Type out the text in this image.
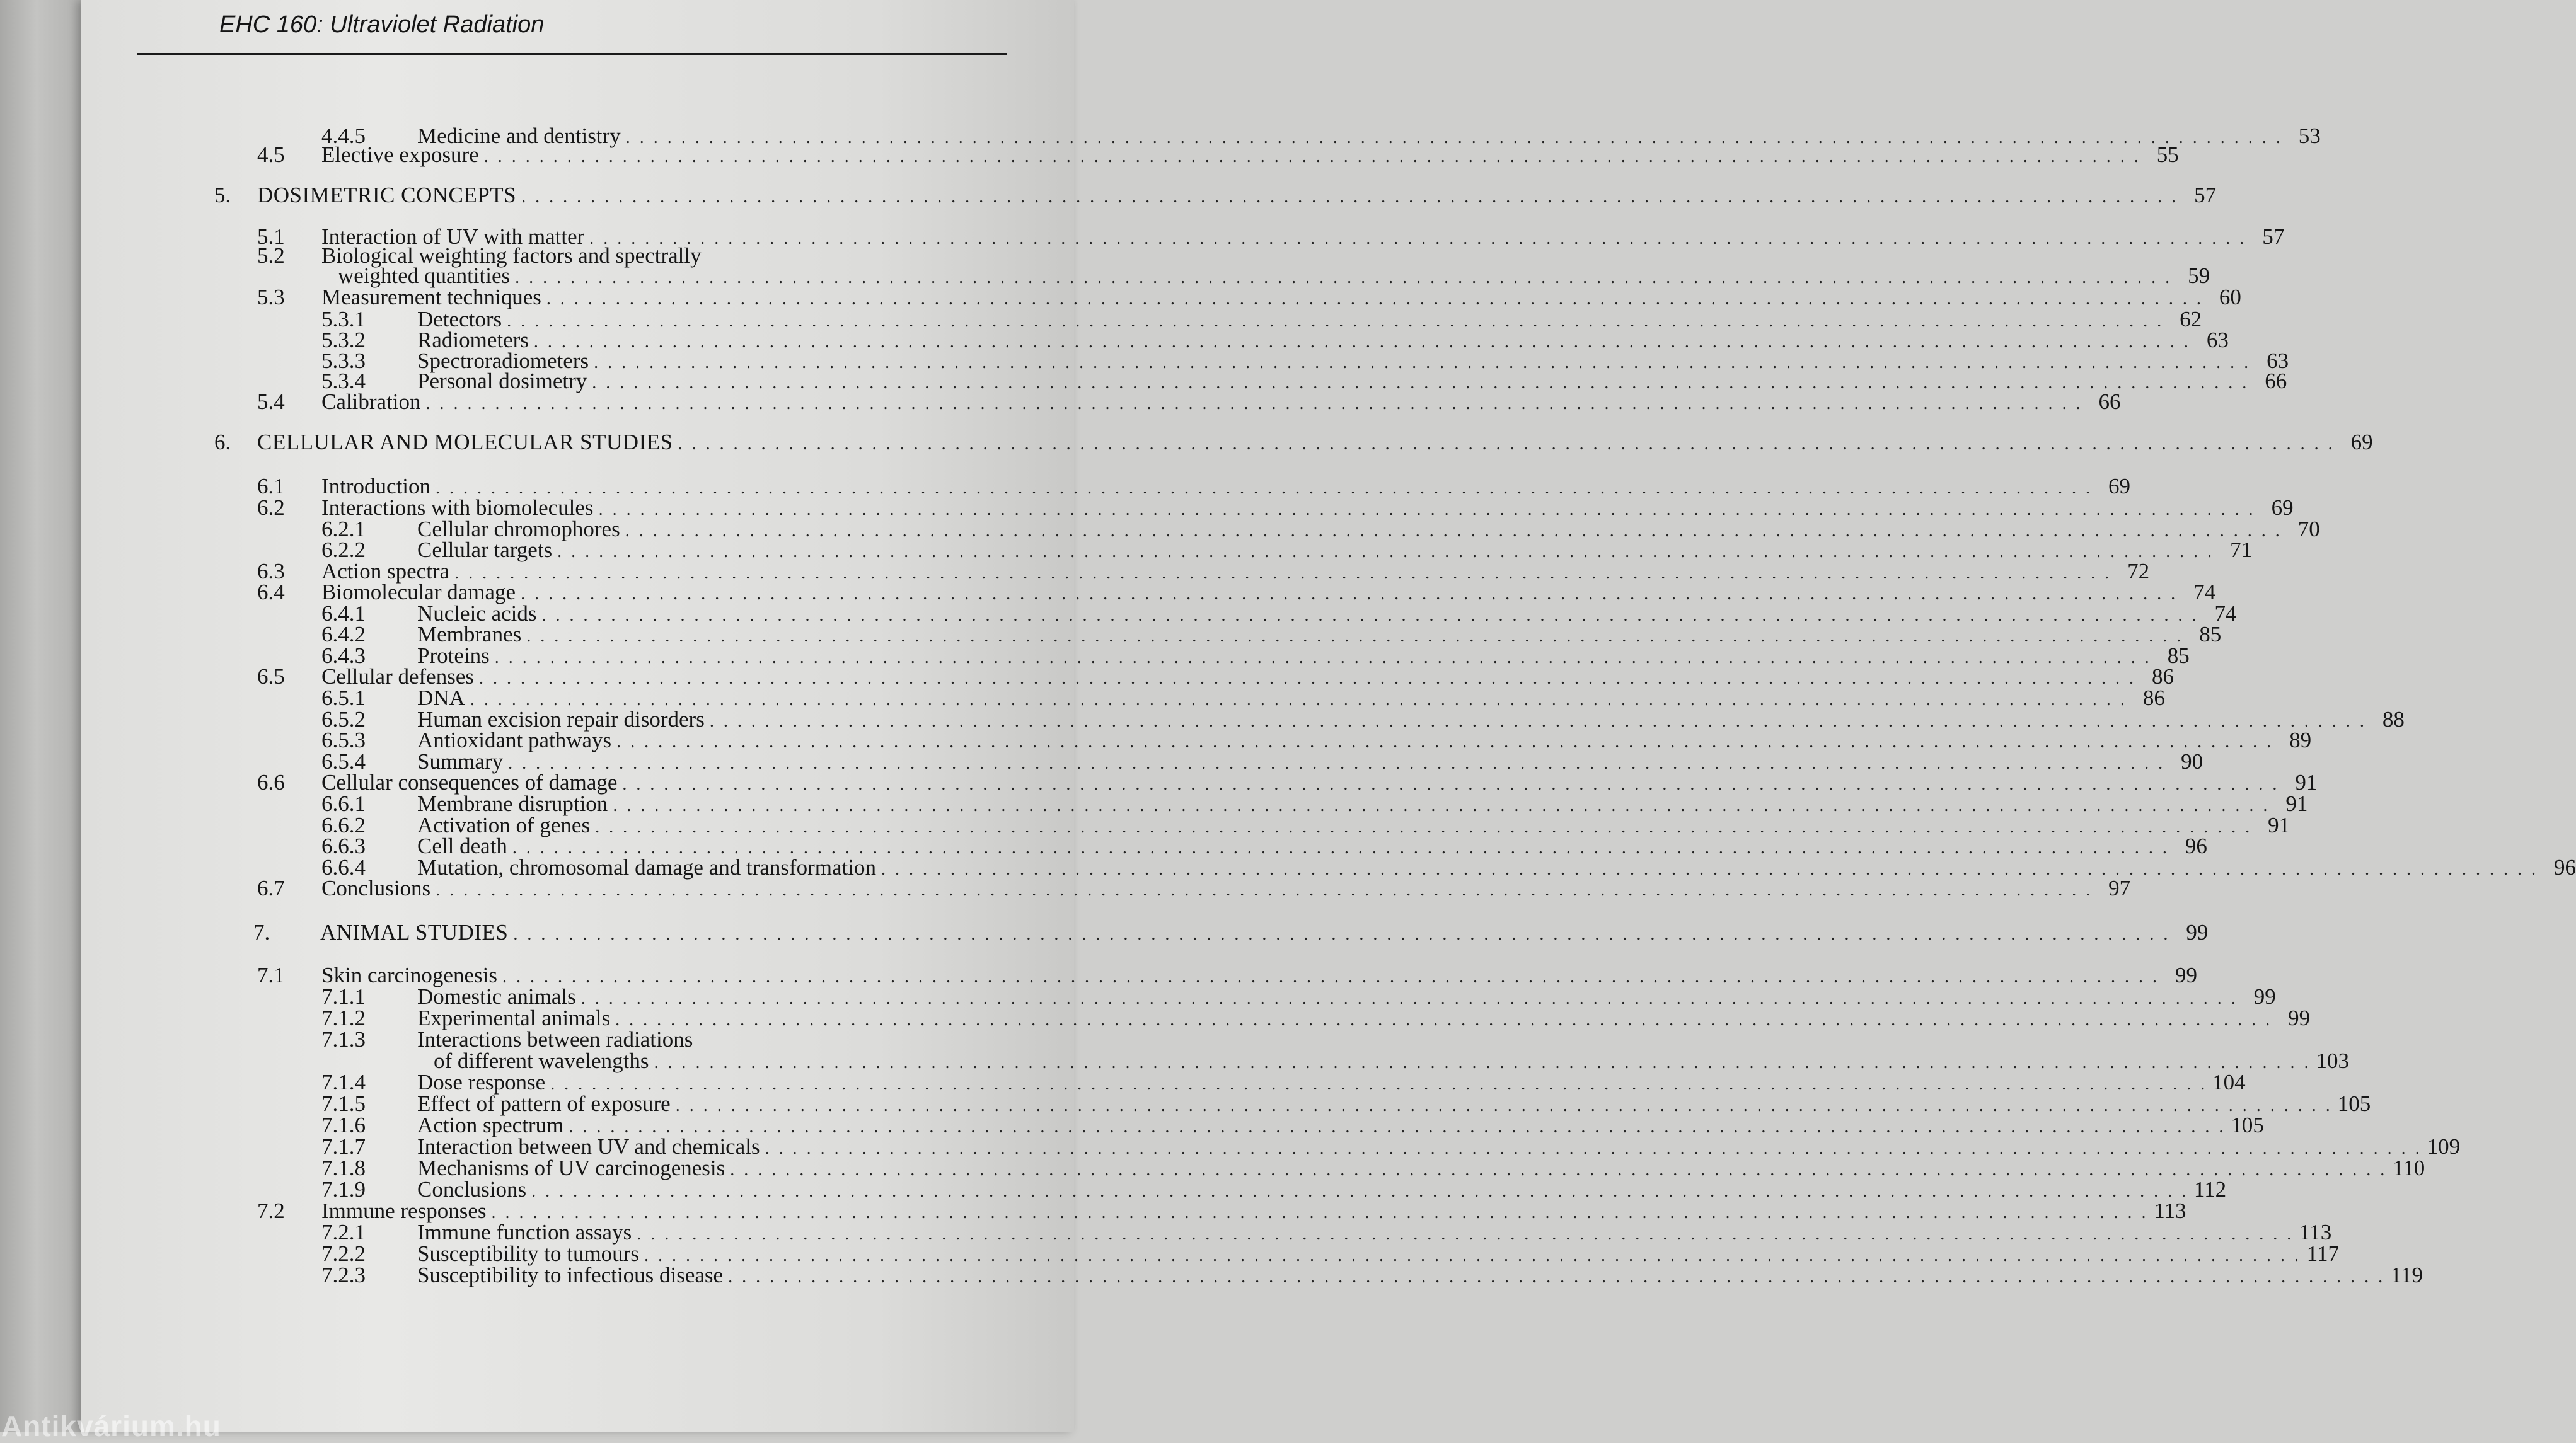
EHC 160: Ultraviolet Radiation
4.4.5	Medicine and dentistry . . . . . . . . . . . . . . . . . . . . . . . . . . . . . . . . . . . . . . . . . . . . . . . . . . . . . . . . . . . . . . . . . . . . . . . . . . . . . . . . . . . . . . . . . . . . . . . . . . . . . . . . . . . . . . . . . . . . . . . . 53
4.5	Elective exposure . . . . . . . . . . . . . . . . . . . . . . . . . . . . . . . . . . . . . . . . . . . . . . . . . . . . . . . . . . . . . . . . . . . . . . . . . . . . . . . . . . . . . . . . . . . . . . . . . . . . . . . . . . . . . . . . . . . . . . . . 55
5.	DOSIMETRIC CONCEPTS . . . . . . . . . . . . . . . . . . . . . . . . . . . . . . . . . . . . . . . . . . . . . . . . . . . . . . . . . . . . . . . . . . . . . . . . . . . . . . . . . . . . . . . . . . . . . . . . . . . . . . . . . . . . . . . . . . . . . . . . 57
5.1	Interaction of UV with matter . . . . . . . . . . . . . . . . . . . . . . . . . . . . . . . . . . . . . . . . . . . . . . . . . . . . . . . . . . . . . . . . . . . . . . . . . . . . . . . . . . . . . . . . . . . . . . . . . . . . . . . . . . . . . . . . . . . . . . . . 57
5.2	Biological weighting factors and spectrally
weighted quantities . . . . . . . . . . . . . . . . . . . . . . . . . . . . . . . . . . . . . . . . . . . . . . . . . . . . . . . . . . . . . . . . . . . . . . . . . . . . . . . . . . . . . . . . . . . . . . . . . . . . . . . . . . . . . . . . . . . . . . . . 59
5.3	Measurement techniques . . . . . . . . . . . . . . . . . . . . . . . . . . . . . . . . . . . . . . . . . . . . . . . . . . . . . . . . . . . . . . . . . . . . . . . . . . . . . . . . . . . . . . . . . . . . . . . . . . . . . . . . . . . . . . . . . . . . . . . . 60
5.3.1	Detectors . . . . . . . . . . . . . . . . . . . . . . . . . . . . . . . . . . . . . . . . . . . . . . . . . . . . . . . . . . . . . . . . . . . . . . . . . . . . . . . . . . . . . . . . . . . . . . . . . . . . . . . . . . . . . . . . . . . . . . . . 62
5.3.2	Radiometers . . . . . . . . . . . . . . . . . . . . . . . . . . . . . . . . . . . . . . . . . . . . . . . . . . . . . . . . . . . . . . . . . . . . . . . . . . . . . . . . . . . . . . . . . . . . . . . . . . . . . . . . . . . . . . . . . . . . . . . . 63
5.3.3	Spectroradiometers . . . . . . . . . . . . . . . . . . . . . . . . . . . . . . . . . . . . . . . . . . . . . . . . . . . . . . . . . . . . . . . . . . . . . . . . . . . . . . . . . . . . . . . . . . . . . . . . . . . . . . . . . . . . . . . . . . . . . . . . 63
5.3.4	Personal dosimetry . . . . . . . . . . . . . . . . . . . . . . . . . . . . . . . . . . . . . . . . . . . . . . . . . . . . . . . . . . . . . . . . . . . . . . . . . . . . . . . . . . . . . . . . . . . . . . . . . . . . . . . . . . . . . . . . . . . . . . . . 66
5.4	Calibration . . . . . . . . . . . . . . . . . . . . . . . . . . . . . . . . . . . . . . . . . . . . . . . . . . . . . . . . . . . . . . . . . . . . . . . . . . . . . . . . . . . . . . . . . . . . . . . . . . . . . . . . . . . . . . . . . . . . . . . . 66
6.	CELLULAR AND MOLECULAR STUDIES . . . . . . . . . . . . . . . . . . . . . . . . . . . . . . . . . . . . . . . . . . . . . . . . . . . . . . . . . . . . . . . . . . . . . . . . . . . . . . . . . . . . . . . . . . . . . . . . . . . . . . . . . . . . . . . . . . . . . . . . 69
6.1	Introduction . . . . . . . . . . . . . . . . . . . . . . . . . . . . . . . . . . . . . . . . . . . . . . . . . . . . . . . . . . . . . . . . . . . . . . . . . . . . . . . . . . . . . . . . . . . . . . . . . . . . . . . . . . . . . . . . . . . . . . . . 69
6.2	Interactions with biomolecules . . . . . . . . . . . . . . . . . . . . . . . . . . . . . . . . . . . . . . . . . . . . . . . . . . . . . . . . . . . . . . . . . . . . . . . . . . . . . . . . . . . . . . . . . . . . . . . . . . . . . . . . . . . . . . . . . . . . . . . . 69
6.2.1	Cellular chromophores . . . . . . . . . . . . . . . . . . . . . . . . . . . . . . . . . . . . . . . . . . . . . . . . . . . . . . . . . . . . . . . . . . . . . . . . . . . . . . . . . . . . . . . . . . . . . . . . . . . . . . . . . . . . . . . . . . . . . . . . 70
6.2.2	Cellular targets . . . . . . . . . . . . . . . . . . . . . . . . . . . . . . . . . . . . . . . . . . . . . . . . . . . . . . . . . . . . . . . . . . . . . . . . . . . . . . . . . . . . . . . . . . . . . . . . . . . . . . . . . . . . . . . . . . . . . . . . 71
6.3	Action spectra . . . . . . . . . . . . . . . . . . . . . . . . . . . . . . . . . . . . . . . . . . . . . . . . . . . . . . . . . . . . . . . . . . . . . . . . . . . . . . . . . . . . . . . . . . . . . . . . . . . . . . . . . . . . . . . . . . . . . . . . 72
6.4	Biomolecular damage . . . . . . . . . . . . . . . . . . . . . . . . . . . . . . . . . . . . . . . . . . . . . . . . . . . . . . . . . . . . . . . . . . . . . . . . . . . . . . . . . . . . . . . . . . . . . . . . . . . . . . . . . . . . . . . . . . . . . . . . 74
6.4.1	Nucleic acids . . . . . . . . . . . . . . . . . . . . . . . . . . . . . . . . . . . . . . . . . . . . . . . . . . . . . . . . . . . . . . . . . . . . . . . . . . . . . . . . . . . . . . . . . . . . . . . . . . . . . . . . . . . . . . . . . . . . . . . . 74
6.4.2	Membranes . . . . . . . . . . . . . . . . . . . . . . . . . . . . . . . . . . . . . . . . . . . . . . . . . . . . . . . . . . . . . . . . . . . . . . . . . . . . . . . . . . . . . . . . . . . . . . . . . . . . . . . . . . . . . . . . . . . . . . . . 85
6.4.3	Proteins . . . . . . . . . . . . . . . . . . . . . . . . . . . . . . . . . . . . . . . . . . . . . . . . . . . . . . . . . . . . . . . . . . . . . . . . . . . . . . . . . . . . . . . . . . . . . . . . . . . . . . . . . . . . . . . . . . . . . . . . 85
6.5	Cellular defenses . . . . . . . . . . . . . . . . . . . . . . . . . . . . . . . . . . . . . . . . . . . . . . . . . . . . . . . . . . . . . . . . . . . . . . . . . . . . . . . . . . . . . . . . . . . . . . . . . . . . . . . . . . . . . . . . . . . . . . . . 86
6.5.1	DNA . . . . . . . . . . . . . . . . . . . . . . . . . . . . . . . . . . . . . . . . . . . . . . . . . . . . . . . . . . . . . . . . . . . . . . . . . . . . . . . . . . . . . . . . . . . . . . . . . . . . . . . . . . . . . . . . . . . . . . . . 86
6.5.2	Human excision repair disorders . . . . . . . . . . . . . . . . . . . . . . . . . . . . . . . . . . . . . . . . . . . . . . . . . . . . . . . . . . . . . . . . . . . . . . . . . . . . . . . . . . . . . . . . . . . . . . . . . . . . . . . . . . . . . . . . . . . . . . . . 88
6.5.3	Antioxidant pathways . . . . . . . . . . . . . . . . . . . . . . . . . . . . . . . . . . . . . . . . . . . . . . . . . . . . . . . . . . . . . . . . . . . . . . . . . . . . . . . . . . . . . . . . . . . . . . . . . . . . . . . . . . . . . . . . . . . . . . . . 89
6.5.4	Summary . . . . . . . . . . . . . . . . . . . . . . . . . . . . . . . . . . . . . . . . . . . . . . . . . . . . . . . . . . . . . . . . . . . . . . . . . . . . . . . . . . . . . . . . . . . . . . . . . . . . . . . . . . . . . . . . . . . . . . . . 90
6.6	Cellular consequences of damage . . . . . . . . . . . . . . . . . . . . . . . . . . . . . . . . . . . . . . . . . . . . . . . . . . . . . . . . . . . . . . . . . . . . . . . . . . . . . . . . . . . . . . . . . . . . . . . . . . . . . . . . . . . . . . . . . . . . . . . . 91
6.6.1	Membrane disruption . . . . . . . . . . . . . . . . . . . . . . . . . . . . . . . . . . . . . . . . . . . . . . . . . . . . . . . . . . . . . . . . . . . . . . . . . . . . . . . . . . . . . . . . . . . . . . . . . . . . . . . . . . . . . . . . . . . . . . . . 91
6.6.2	Activation of genes . . . . . . . . . . . . . . . . . . . . . . . . . . . . . . . . . . . . . . . . . . . . . . . . . . . . . . . . . . . . . . . . . . . . . . . . . . . . . . . . . . . . . . . . . . . . . . . . . . . . . . . . . . . . . . . . . . . . . . . . 91
6.6.3	Cell death . . . . . . . . . . . . . . . . . . . . . . . . . . . . . . . . . . . . . . . . . . . . . . . . . . . . . . . . . . . . . . . . . . . . . . . . . . . . . . . . . . . . . . . . . . . . . . . . . . . . . . . . . . . . . . . . . . . . . . . . 96
6.6.4	Mutation, chromosomal damage and transformation . . . . . . . . . . . . . . . . . . . . . . . . . . . . . . . . . . . . . . . . . . . . . . . . . . . . . . . . . . . . . . . . . . . . . . . . . . . . . . . . . . . . . . . . . . . . . . . . . . . . . . . . . . . . . . . . . . . . . . . . 96
6.7	Conclusions . . . . . . . . . . . . . . . . . . . . . . . . . . . . . . . . . . . . . . . . . . . . . . . . . . . . . . . . . . . . . . . . . . . . . . . . . . . . . . . . . . . . . . . . . . . . . . . . . . . . . . . . . . . . . . . . . . . . . . . . 97
7.	ANIMAL STUDIES . . . . . . . . . . . . . . . . . . . . . . . . . . . . . . . . . . . . . . . . . . . . . . . . . . . . . . . . . . . . . . . . . . . . . . . . . . . . . . . . . . . . . . . . . . . . . . . . . . . . . . . . . . . . . . . . . . . . . . . . 99
7.1	Skin carcinogenesis . . . . . . . . . . . . . . . . . . . . . . . . . . . . . . . . . . . . . . . . . . . . . . . . . . . . . . . . . . . . . . . . . . . . . . . . . . . . . . . . . . . . . . . . . . . . . . . . . . . . . . . . . . . . . . . . . . . . . . . . 99
7.1.1	Domestic animals . . . . . . . . . . . . . . . . . . . . . . . . . . . . . . . . . . . . . . . . . . . . . . . . . . . . . . . . . . . . . . . . . . . . . . . . . . . . . . . . . . . . . . . . . . . . . . . . . . . . . . . . . . . . . . . . . . . . . . . . 99
7.1.2	Experimental animals . . . . . . . . . . . . . . . . . . . . . . . . . . . . . . . . . . . . . . . . . . . . . . . . . . . . . . . . . . . . . . . . . . . . . . . . . . . . . . . . . . . . . . . . . . . . . . . . . . . . . . . . . . . . . . . . . . . . . . . . 99
7.1.3	Interactions between radiations
of different wavelengths . . . . . . . . . . . . . . . . . . . . . . . . . . . . . . . . . . . . . . . . . . . . . . . . . . . . . . . . . . . . . . . . . . . . . . . . . . . . . . . . . . . . . . . . . . . . . . . . . . . . . . . . . . . . . . . . . . . . . . . . 103
7.1.4	Dose response . . . . . . . . . . . . . . . . . . . . . . . . . . . . . . . . . . . . . . . . . . . . . . . . . . . . . . . . . . . . . . . . . . . . . . . . . . . . . . . . . . . . . . . . . . . . . . . . . . . . . . . . . . . . . . . . . . . . . . . . 104
7.1.5	Effect of pattern of exposure . . . . . . . . . . . . . . . . . . . . . . . . . . . . . . . . . . . . . . . . . . . . . . . . . . . . . . . . . . . . . . . . . . . . . . . . . . . . . . . . . . . . . . . . . . . . . . . . . . . . . . . . . . . . . . . . . . . . . . . . 105
7.1.6	Action spectrum . . . . . . . . . . . . . . . . . . . . . . . . . . . . . . . . . . . . . . . . . . . . . . . . . . . . . . . . . . . . . . . . . . . . . . . . . . . . . . . . . . . . . . . . . . . . . . . . . . . . . . . . . . . . . . . . . . . . . . . . 105
7.1.7	Interaction between UV and chemicals . . . . . . . . . . . . . . . . . . . . . . . . . . . . . . . . . . . . . . . . . . . . . . . . . . . . . . . . . . . . . . . . . . . . . . . . . . . . . . . . . . . . . . . . . . . . . . . . . . . . . . . . . . . . . . . . . . . . . . . . 109
7.1.8	Mechanisms of UV carcinogenesis . . . . . . . . . . . . . . . . . . . . . . . . . . . . . . . . . . . . . . . . . . . . . . . . . . . . . . . . . . . . . . . . . . . . . . . . . . . . . . . . . . . . . . . . . . . . . . . . . . . . . . . . . . . . . . . . . . . . . . . . 110
7.1.9	Conclusions . . . . . . . . . . . . . . . . . . . . . . . . . . . . . . . . . . . . . . . . . . . . . . . . . . . . . . . . . . . . . . . . . . . . . . . . . . . . . . . . . . . . . . . . . . . . . . . . . . . . . . . . . . . . . . . . . . . . . . . . 112
7.2	Immune responses . . . . . . . . . . . . . . . . . . . . . . . . . . . . . . . . . . . . . . . . . . . . . . . . . . . . . . . . . . . . . . . . . . . . . . . . . . . . . . . . . . . . . . . . . . . . . . . . . . . . . . . . . . . . . . . . . . . . . . . . 113
7.2.1	Immune function assays . . . . . . . . . . . . . . . . . . . . . . . . . . . . . . . . . . . . . . . . . . . . . . . . . . . . . . . . . . . . . . . . . . . . . . . . . . . . . . . . . . . . . . . . . . . . . . . . . . . . . . . . . . . . . . . . . . . . . . . . 113
7.2.2	Susceptibility to tumours . . . . . . . . . . . . . . . . . . . . . . . . . . . . . . . . . . . . . . . . . . . . . . . . . . . . . . . . . . . . . . . . . . . . . . . . . . . . . . . . . . . . . . . . . . . . . . . . . . . . . . . . . . . . . . . . . . . . . . . . 117
7.2.3	Susceptibility to infectious disease . . . . . . . . . . . . . . . . . . . . . . . . . . . . . . . . . . . . . . . . . . . . . . . . . . . . . . . . . . . . . . . . . . . . . . . . . . . . . . . . . . . . . . . . . . . . . . . . . . . . . . . . . . . . . . . . . . . . . . . . 119
Antikvárium.hu
